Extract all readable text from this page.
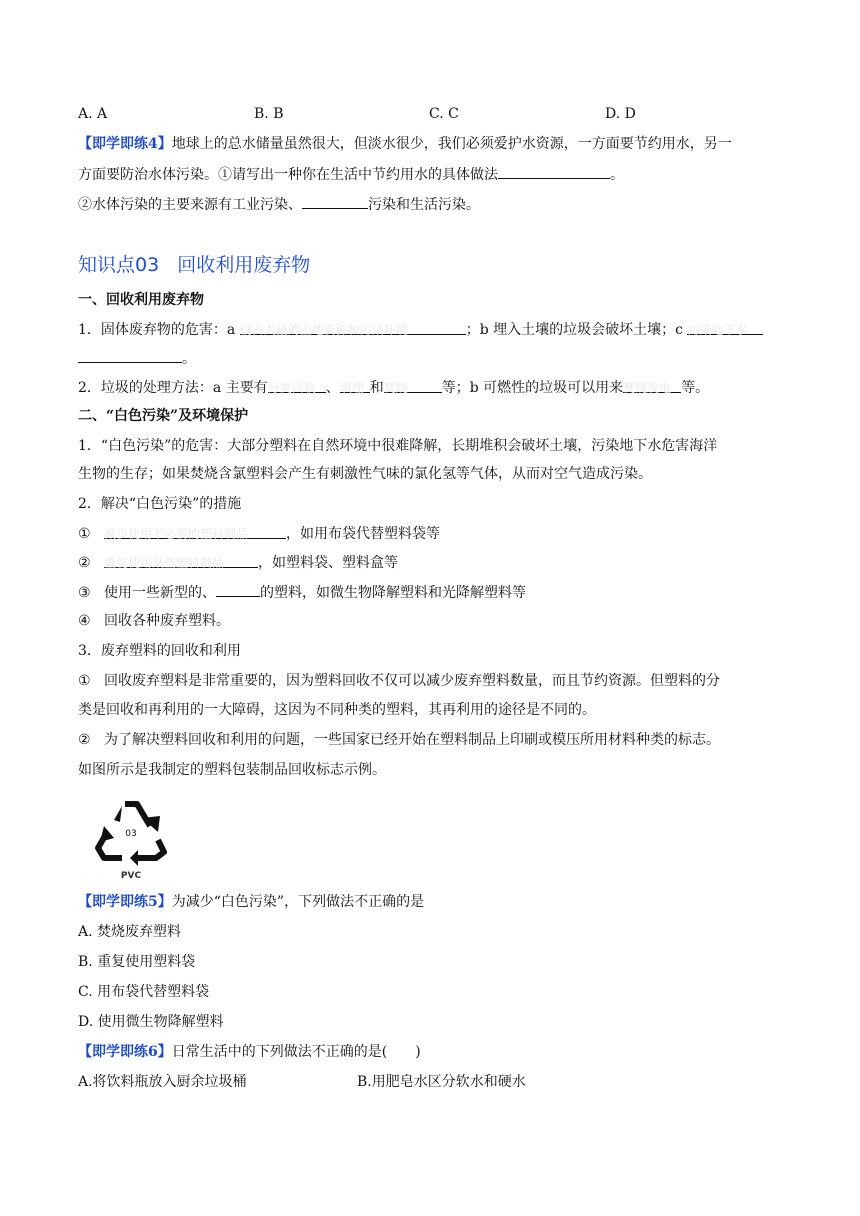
A. A	B. B	C. C	D. D
【即学即练4】地球上的总水储量虽然很大，但淡水很少，我们必须爱护水资源，一方面要节约用水，另一
方面要防治水体污染。①请写出一种你在生活中节约用水的具体做法	。
②水体污染的主要来源有工业污染、	污染和生活污染。
知识点03 回收利用废弃物
一、回收利用废弃物
1．固体废弃物的危害：a 侵占大量的土地资源和污染环境	；b 埋入土壤的垃圾会破坏土壤；c 污染地下水
。
2．垃圾的处理方法：a 主要有分类回收 、填埋 和焚烧 等；b 可燃性的垃圾可以用来焚烧发电 等。
二、“白色污染”及环境保护
1．“白色污染”的危害：大部分塑料在自然环境中很难降解，长期堆积会破坏土壤，污染地下水危害海洋
生物的生存；如果焚烧含氯塑料会产生有刺激性气味的氯化氢等气体，从而对空气造成污染。
2．解决“白色污染”的措施
① 减少使用不必要的塑料制品	，如用布袋代替塑料袋等
② 重复使用某些塑料制品 ，如塑料袋、塑料盒等
③ 使用一些新型的、	的塑料，如微生物降解塑料和光降解塑料等
④ 回收各种废弃塑料。
3．废弃塑料的回收和利用
① 回收废弃塑料是非常重要的，因为塑料回收不仅可以减少废弃塑料数量，而且节约资源。但塑料的分
类是回收和再利用的一大障碍，这因为不同种类的塑料，其再利用的途径是不同的。
② 为了解决塑料回收和利用的问题，一些国家已经开始在塑料制品上印刷或模压所用材料种类的标志。
如图所示是我制定的塑料包装制品回收标志示例。
03
PVC
【即学即练5】为减少“白色污染”，下列做法不正确的是
A. 焚烧废弃塑料
B. 重复使用塑料袋
C. 用布袋代替塑料袋
D. 使用微生物降解塑料
【即学即练6】日常生活中的下列做法不正确的是(　　)
A.将饮料瓶放入厨余垃圾桶	B.用肥皂水区分软水和硬水
